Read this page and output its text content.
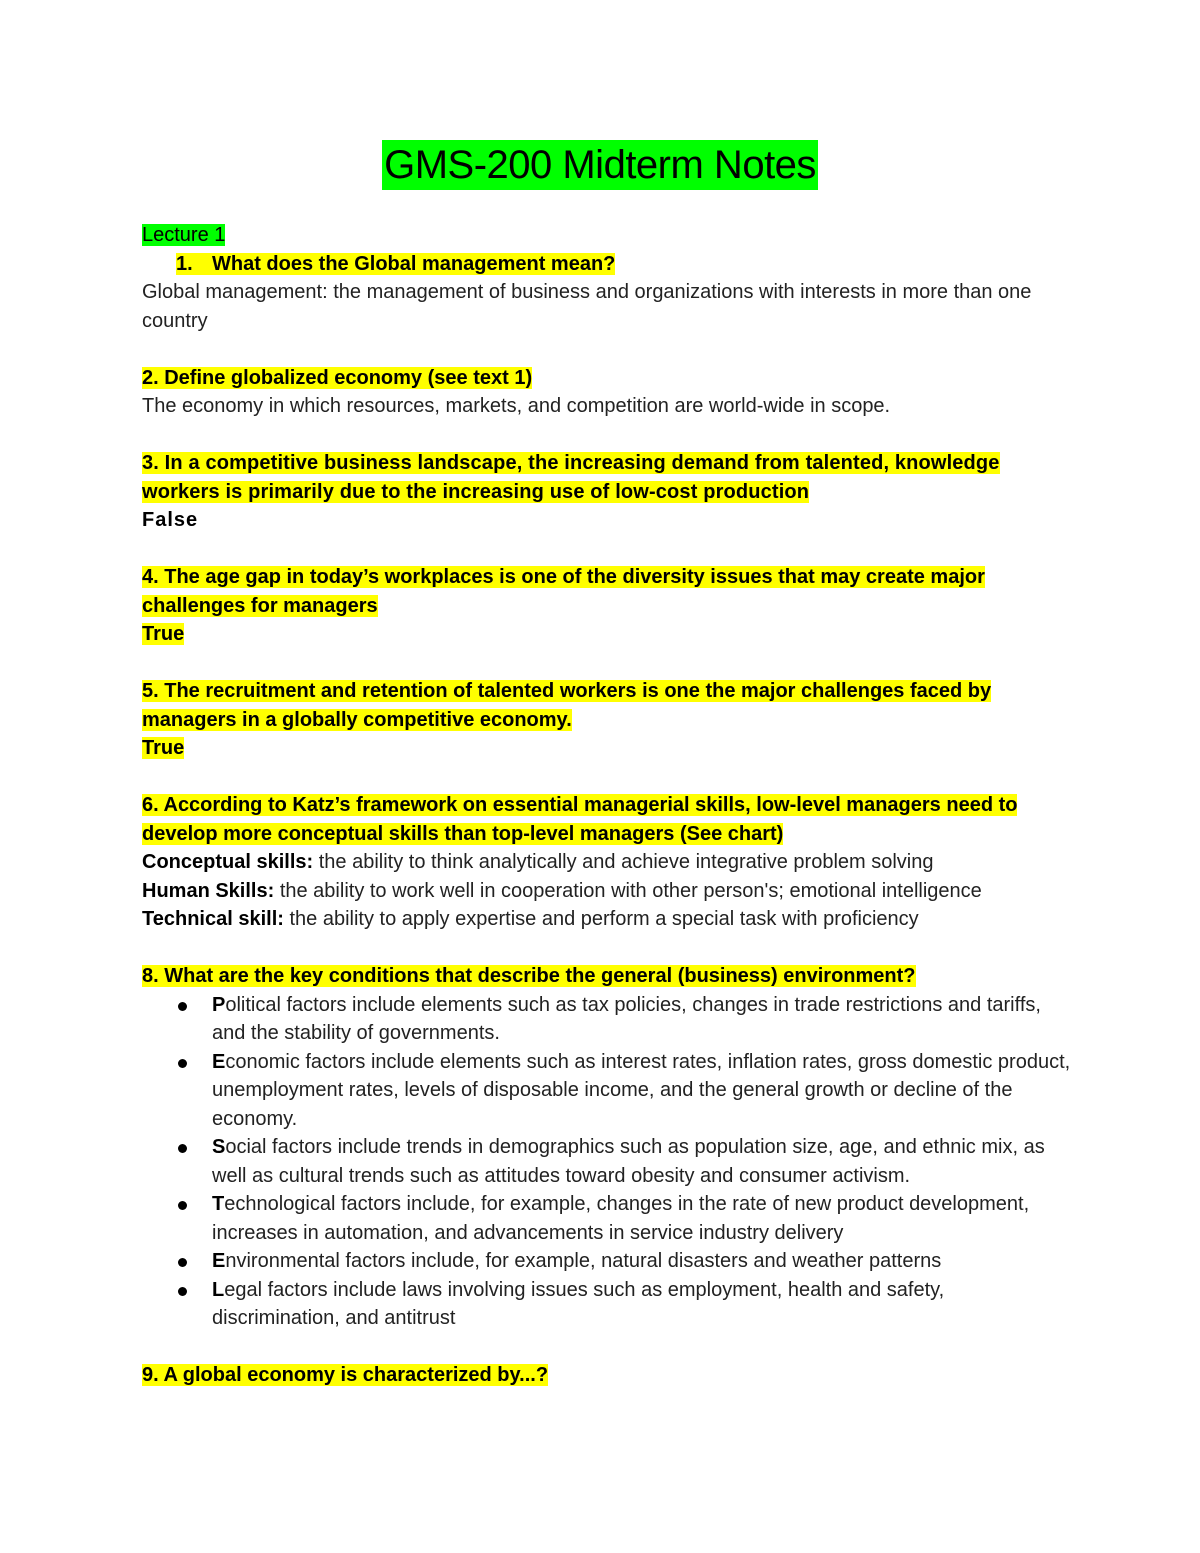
GMS-200 Midterm Notes

Lecture 1

1. What does the Global management mean?

Global management: the management of business and organizations with interests in more than one country

2. Define globalized economy (see text 1)

The economy in which resources, markets, and competition are world-wide in scope.

3. In a competitive business landscape, the increasing demand from talented, knowledge workers is primarily due to the increasing use of low-cost production

False

4. The age gap in today’s workplaces is one of the diversity issues that may create major challenges for managers

True

5. The recruitment and retention of talented workers is one the major challenges faced by managers in a globally competitive economy.

True

6. According to Katz’s framework on essential managerial skills, low-level managers need to develop more conceptual skills than top-level managers (See chart)

Conceptual skills: the ability to think analytically and achieve integrative problem solving

Human Skills: the ability to work well in cooperation with other person's; emotional intelligence

Technical skill: the ability to apply expertise and perform a special task with proficiency

8. What are the key conditions that describe the general (business) environment?

Political factors include elements such as tax policies, changes in trade restrictions and tariffs, and the stability of governments.
Economic factors include elements such as interest rates, inflation rates, gross domestic product, unemployment rates, levels of disposable income, and the general growth or decline of the economy.
Social factors include trends in demographics such as population size, age, and ethnic mix, as well as cultural trends such as attitudes toward obesity and consumer activism.
Technological factors include, for example, changes in the rate of new product development, increases in automation, and advancements in service industry delivery
Environmental factors include, for example, natural disasters and weather patterns
Legal factors include laws involving issues such as employment, health and safety, discrimination, and antitrust

9. A global economy is characterized by...?
